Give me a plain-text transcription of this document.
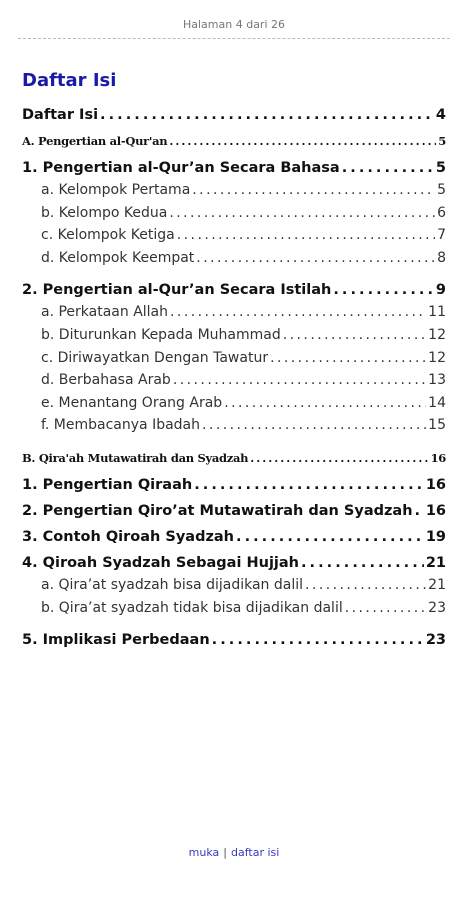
Halaman 4 dari 26
Daftar Isi
Daftar Isi . . .	4
A. Pengertian al-Qur'an . . .	5
1. Pengertian al-Qur’an Secara Bahasa . . .	5
a. Kelompok Pertama . . .	5
b. Kelompo Kedua . . .	6
c. Kelompok Ketiga . . .	7
d. Kelompok Keempat . . .	8
2. Pengertian al-Qur’an Secara Istilah . . .	9
a. Perkataan Allah . . .	11
b. Diturunkan Kepada Muhammad . . .	12
c. Diriwayatkan Dengan Tawatur . . .	12
d. Berbahasa Arab . . .	13
e. Menantang Orang Arab . . .	14
f. Membacanya Ibadah . . .	15
B. Qira'ah Mutawatirah dan Syadzah . . .	16
1. Pengertian Qiraah . . .	16
2. Pengertian Qiro’at Mutawatirah dan Syadzah . . . 16
3. Contoh Qiroah Syadzah . . .	19
4. Qiroah Syadzah Sebagai Hujjah . . .	21
a. Qira’at syadzah bisa dijadikan dalil . . .	21
b. Qira’at syadzah tidak bisa dijadikan dalil . . .	23
5. Implikasi Perbedaan . . .	23
muka | daftar isi
